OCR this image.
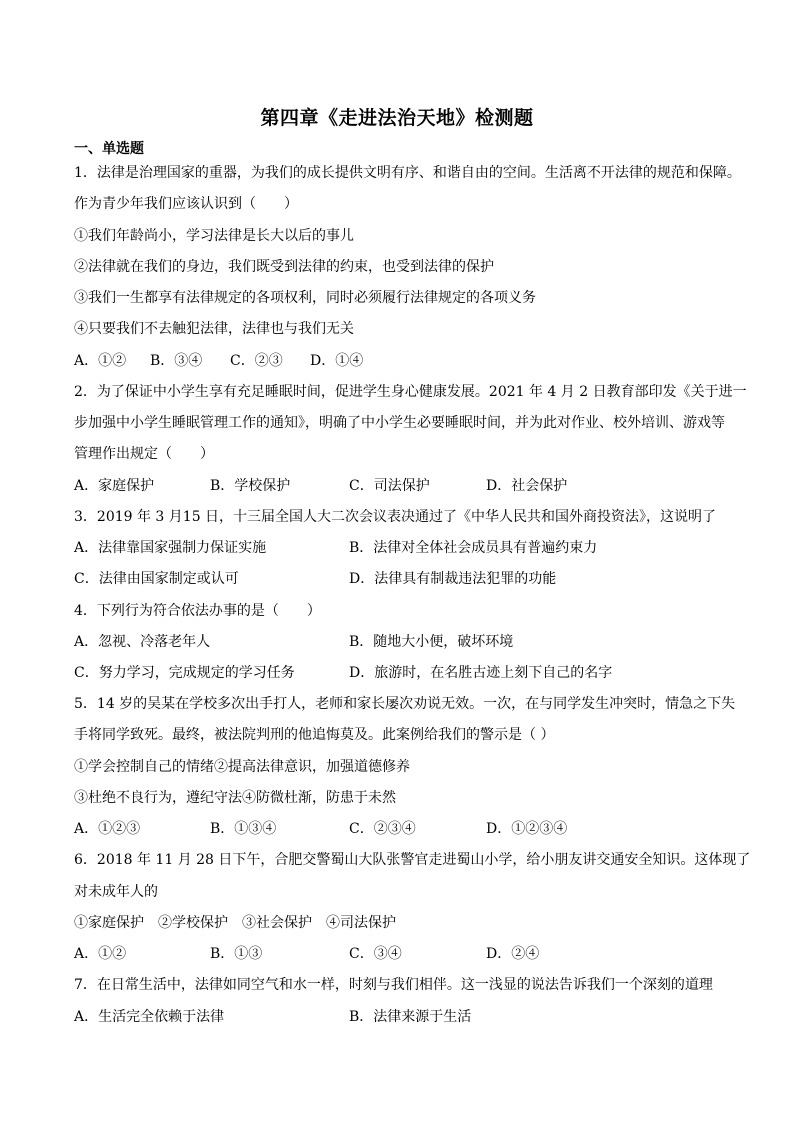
第四章《走进法治天地》检测题
一、单选题
1．法律是治理国家的重器，为我们的成长提供文明有序、和谐自由的空间。生活离不开法律的规范和保障。
作为青少年我们应该认识到（　　）
①我们年龄尚小，学习法律是长大以后的事儿
②法律就在我们的身边，我们既受到法律的约束，也受到法律的保护
③我们一生都享有法律规定的各项权利，同时必须履行法律规定的各项义务
④只要我们不去触犯法律，法律也与我们无关
A．①② B．③④ C．②③ D．①④
2．为了保证中小学生享有充足睡眠时间，促进学生身心健康发展。2021 年 4 月 2 日教育部印发《关于进一
步加强中小学生睡眠管理工作的通知》，明确了中小学生必要睡眠时间，并为此对作业、校外培训、游戏等
管理作出规定（　　）
A．家庭保护	B．学校保护	C．司法保护	D．社会保护
3．2019 年 3 月15 日，十三届全国人大二次会议表决通过了《中华人民共和国外商投资法》，这说明了
A．法律靠国家强制力保证实施	B．法律对全体社会成员具有普遍约束力
C．法律由国家制定或认可	D．法律具有制裁违法犯罪的功能
4．下列行为符合依法办事的是（　　）
A．忽视、冷落老年人	B．随地大小便，破坏环境
C．努力学习，完成规定的学习任务	D．旅游时，在名胜古迹上刻下自己的名字
5．14 岁的吴某在学校多次出手打人，老师和家长屡次劝说无效。一次，在与同学发生冲突时，情急之下失
手将同学致死。最终，被法院判刑的他追悔莫及。此案例给我们的警示是（ ）
①学会控制自己的情绪②提高法律意识，加强道德修养
③杜绝不良行为，遵纪守法④防微杜渐，防患于未然
A．①②③	B．①③④	C．②③④	D．①②③④
6．2018 年 11 月 28 日下午，合肥交警蜀山大队张警官走进蜀山小学，给小朋友讲交通安全知识。这体现了
对未成年人的
①家庭保护　②学校保护　③社会保护　④司法保护
A．①②	B．①③	C．③④	D．②④
7．在日常生活中，法律如同空气和水一样，时刻与我们相伴。这一浅显的说法告诉我们一个深刻的道理
A．生活完全依赖于法律	B．法律来源于生活
